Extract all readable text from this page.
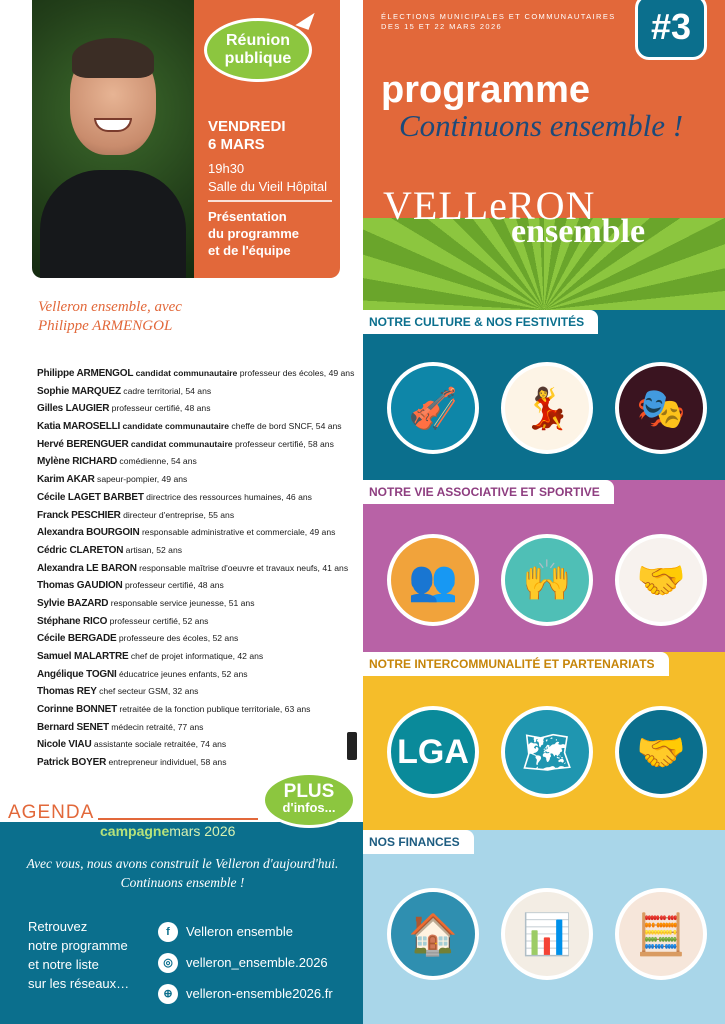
Réunion
publique
VENDREDI
6 MARS
19h30
Salle du Vieil Hôpital
Présentation
du programme
et de l'équipe
Velleron ensemble, avec
Philippe ARMENGOL
Philippe ARMENGOL candidat communautaire professeur des écoles, 49 ans
Sophie MARQUEZ cadre territorial, 54 ans
Gilles LAUGIER professeur certifié, 48 ans
Katia MAROSELLI candidate communautaire cheffe de bord SNCF, 54 ans
Hervé BERENGUER candidat communautaire professeur certifié, 58 ans
Mylène RICHARD comédienne, 54 ans
Karim AKAR sapeur-pompier, 49 ans
Cécile LAGET BARBET directrice des ressources humaines, 46 ans
Franck PESCHIER directeur d'entreprise, 55 ans
Alexandra BOURGOIN responsable administrative et commerciale, 49 ans
Cédric CLARETON artisan, 52 ans
Alexandra LE BARON responsable maîtrise d'oeuvre et travaux neufs, 41 ans
Thomas GAUDION professeur certifié, 48 ans
Sylvie BAZARD responsable service jeunesse, 51 ans
Stéphane RICO professeur certifié, 52 ans
Cécile BERGADE professeure des écoles, 52 ans
Samuel MALARTRE chef de projet informatique, 42 ans
Angélique TOGNI éducatrice jeunes enfants, 52 ans
Thomas REY chef secteur GSM, 32 ans
Corinne BONNET retraitée de la fonction publique territoriale, 63 ans
Bernard SENET médecin retraité, 77 ans
Nicole VIAU assistante sociale retraitée, 74 ans
Patrick BOYER entrepreneur individuel, 58 ans
PLUS
d'infos...
AGENDA
campagnemars 2026
Avec vous, nous avons construit le Velleron d'aujourd'hui.
Continuons ensemble !
Retrouvez
notre programme
et notre liste
sur les réseaux…
f	Velleron ensemble
◎	velleron_ensemble.2026
⊕	velleron-ensemble2026.fr
ÉLECTIONS MUNICIPALES ET COMMUNAUTAIRES
DES 15 ET 22 MARS 2026	#3
programme
Continuons ensemble !
VELLeRON
ensemble
NOTRE CULTURE & NOS FESTIVITÉS
🎻	💃	🎭
NOTRE VIE ASSOCIATIVE ET SPORTIVE
👥	🙌	🤝
NOTRE INTERCOMMUNALITÉ ET PARTENARIATS
LGA	🗺	🤝
NOS FINANCES
🏠	📊	🧮
